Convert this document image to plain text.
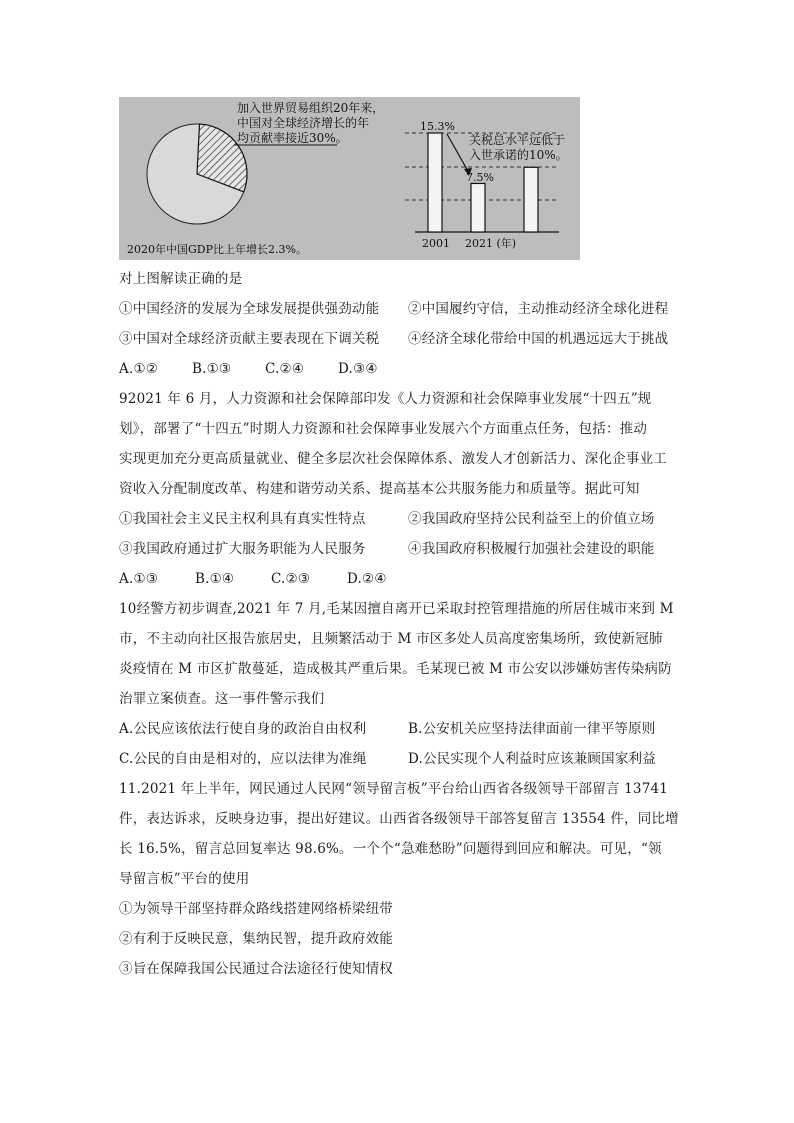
加入世界贸易组织20年来，
中国对全球经济增长的年
均贡献率接近30%。
2020年中国GDP比上年增长2.3%。
关税总水平远低于
入世承诺的10%。
15.3%
7.5%
2001 2021 (年)
对上图解读正确的是
①中国经济的发展为全球发展提供强劲动能	②中国履约守信，主动推动经济全球化进程
③中国对全球经济贡献主要表现在下调关税	④经济全球化带给中国的机遇远远大于挑战
A.①②	B.①③	C.②④	D.③④
92021 年 6 月，人力资源和社会保障部印发《人力资源和社会保障事业发展“十四五”规
划》，部署了“十四五”时期人力资源和社会保障事业发展六个方面重点任务，包括：推动
实现更加充分更高质量就业、健全多层次社会保障体系、激发人才创新活力、深化企事业工
资收入分配制度改革、构建和谐劳动关系、提高基本公共服务能力和质量等。据此可知
①我国社会主义民主权利具有真实性特点	②我国政府坚持公民利益至上的价值立场
③我国政府通过扩大服务职能为人民服务	④我国政府积极履行加强社会建设的职能
A.①③	B.①④	C.②③	D.②④
10经警方初步调查,2021 年 7 月,毛某因擅自离开已采取封控管理措施的所居住城市来到 M
市，不主动向社区报告旅居史，且频繁活动于 M 市区多处人员高度密集场所，致使新冠肺
炎疫情在 M 市区扩散蔓延，造成极其严重后果。毛某现已被 M 市公安以涉嫌妨害传染病防
治罪立案侦查。这一事件警示我们
A.公民应该依法行使自身的政治自由权利	B.公安机关应坚持法律面前一律平等原则
C.公民的自由是相对的，应以法律为准绳	D.公民实现个人利益时应该兼顾国家利益
11.2021 年上半年，网民通过人民网“领导留言板”平台给山西省各级领导干部留言 13741
件，表达诉求，反映身边事，提出好建议。山西省各级领导干部答复留言 13554 件，同比增
长 16.5%，留言总回复率达 98.6%。一个个“急难愁盼”问题得到回应和解决。可见，“领
导留言板”平台的使用
①为领导干部坚持群众路线搭建网络桥梁纽带
②有利于反映民意，集纳民智，提升政府效能
③旨在保障我国公民通过合法途径行使知情权
